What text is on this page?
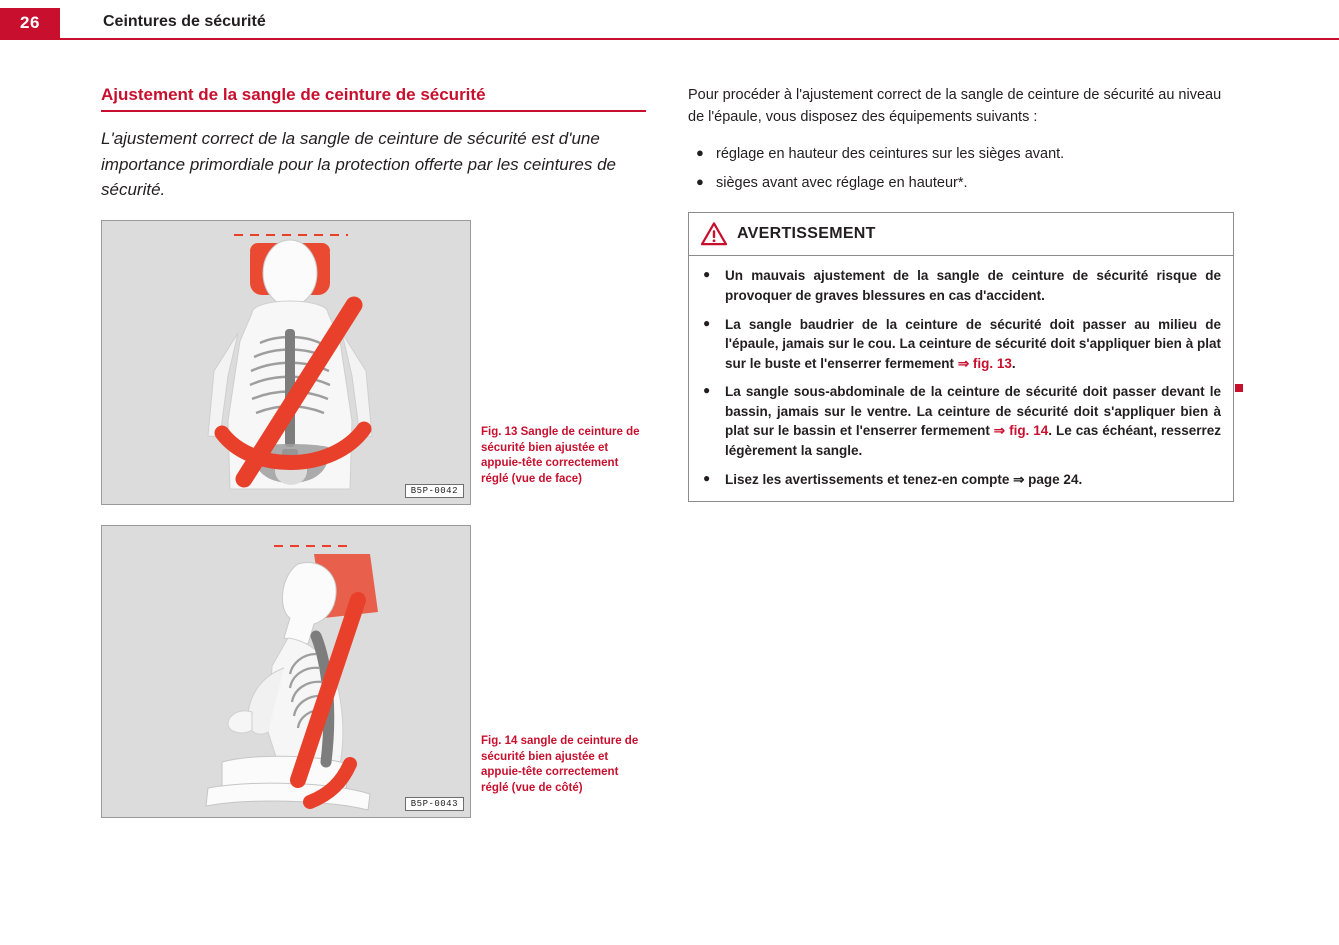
26	Ceintures de sécurité
Ajustement de la sangle de ceinture de sécurité

L'ajustement correct de la sangle de ceinture de sécurité est d'une importance primordiale pour la protection offerte par les ceintures de sécurité.

B5P-0042
B5P-0043
Fig. 13 Sangle de ceinture de sécurité bien ajustée et appuie-tête correctement réglé (vue de face)
Fig. 14 sangle de ceinture de sécurité bien ajustée et appuie-tête correctement réglé (vue de côté)

Pour procéder à l'ajustement correct de la sangle de ceinture de sécurité au niveau de l'épaule, vous disposez des équipements suivants :

● réglage en hauteur des ceintures sur les sièges avant.
● sièges avant avec réglage en hauteur*.
AVERTISSEMENT
● Un mauvais ajustement de la sangle de ceinture de sécurité risque de provoquer de graves blessures en cas d'accident.
● La sangle baudrier de la ceinture de sécurité doit passer au milieu de l'épaule, jamais sur le cou. La ceinture de sécurité doit s'appliquer bien à plat sur le buste et l'enserrer fermement ⇒ fig. 13.
● La sangle sous-abdominale de la ceinture de sécurité doit passer devant le bassin, jamais sur le ventre. La ceinture de sécurité doit s'appliquer bien à plat sur le bassin et l'enserrer fermement ⇒ fig. 14. Le cas échéant, resserrez légèrement la sangle.
● Lisez les avertissements et tenez-en compte ⇒ page 24.
